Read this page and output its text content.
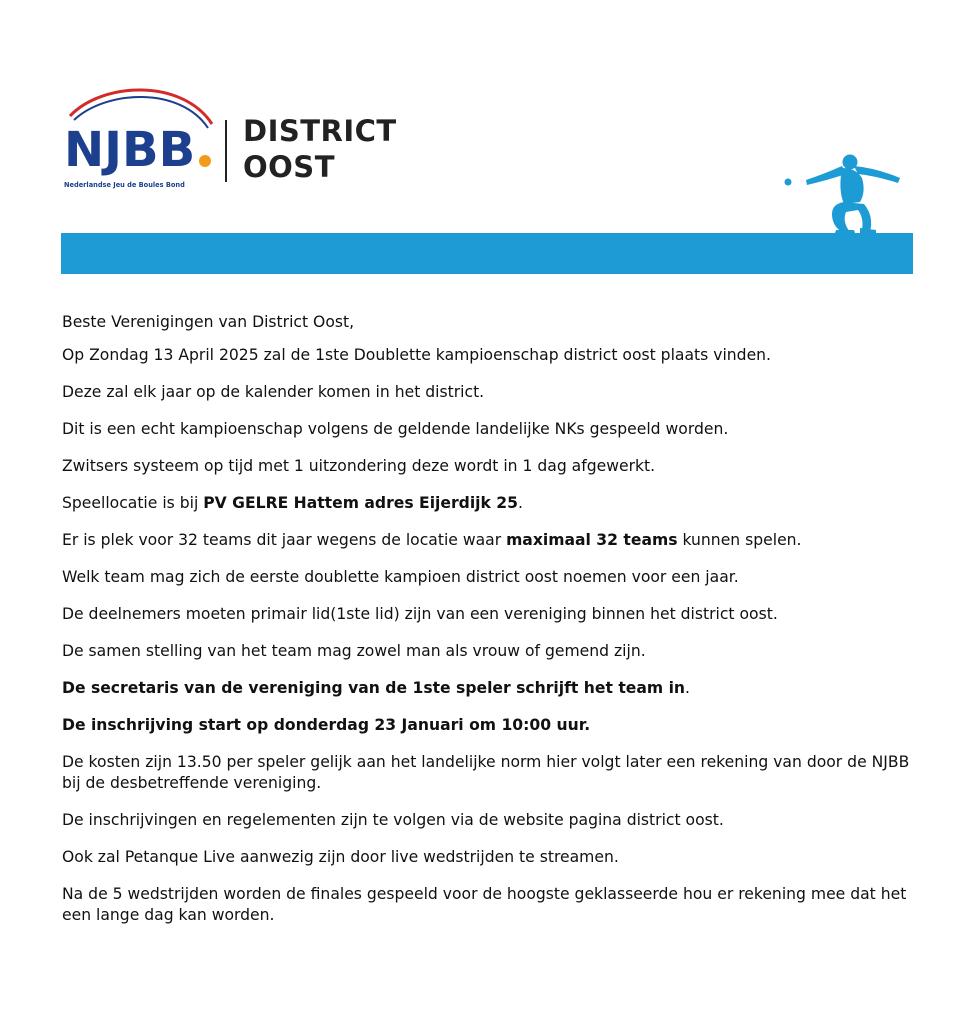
NJBB
Nederlandse Jeu de Boules Bond
DISTRICT
OOST

Beste Verenigingen van District Oost,

Op Zondag 13 April 2025 zal de 1ste Doublette kampioenschap district oost plaats vinden.

Deze zal elk jaar op de kalender komen in het district.

Dit is een echt kampioenschap volgens de geldende landelijke NKs gespeeld worden.

Zwitsers systeem op tijd met 1 uitzondering deze wordt in 1 dag afgewerkt.

Speellocatie is bij PV GELRE Hattem adres Eijerdijk 25.

Er is plek voor 32 teams dit jaar wegens de locatie waar maximaal 32 teams kunnen spelen.

Welk team mag zich de eerste doublette kampioen district oost noemen voor een jaar.

De deelnemers moeten primair lid(1ste lid) zijn van een vereniging binnen het district oost.

De samen stelling van het team mag zowel man als vrouw of gemend zijn.

De secretaris van de vereniging van de 1ste speler schrijft het team in.

De inschrijving start op donderdag 23 Januari om 10:00 uur.

De kosten zijn 13.50 per speler gelijk aan het landelijke norm hier volgt later een rekening van door de NJBB bij de desbetreffende vereniging.

De inschrijvingen en regelementen zijn te volgen via de website pagina district oost.

Ook zal Petanque Live aanwezig zijn door live wedstrijden te streamen.

Na de 5 wedstrijden worden de finales gespeeld voor de hoogste geklasseerde hou er rekening mee dat het een lange dag kan worden.
